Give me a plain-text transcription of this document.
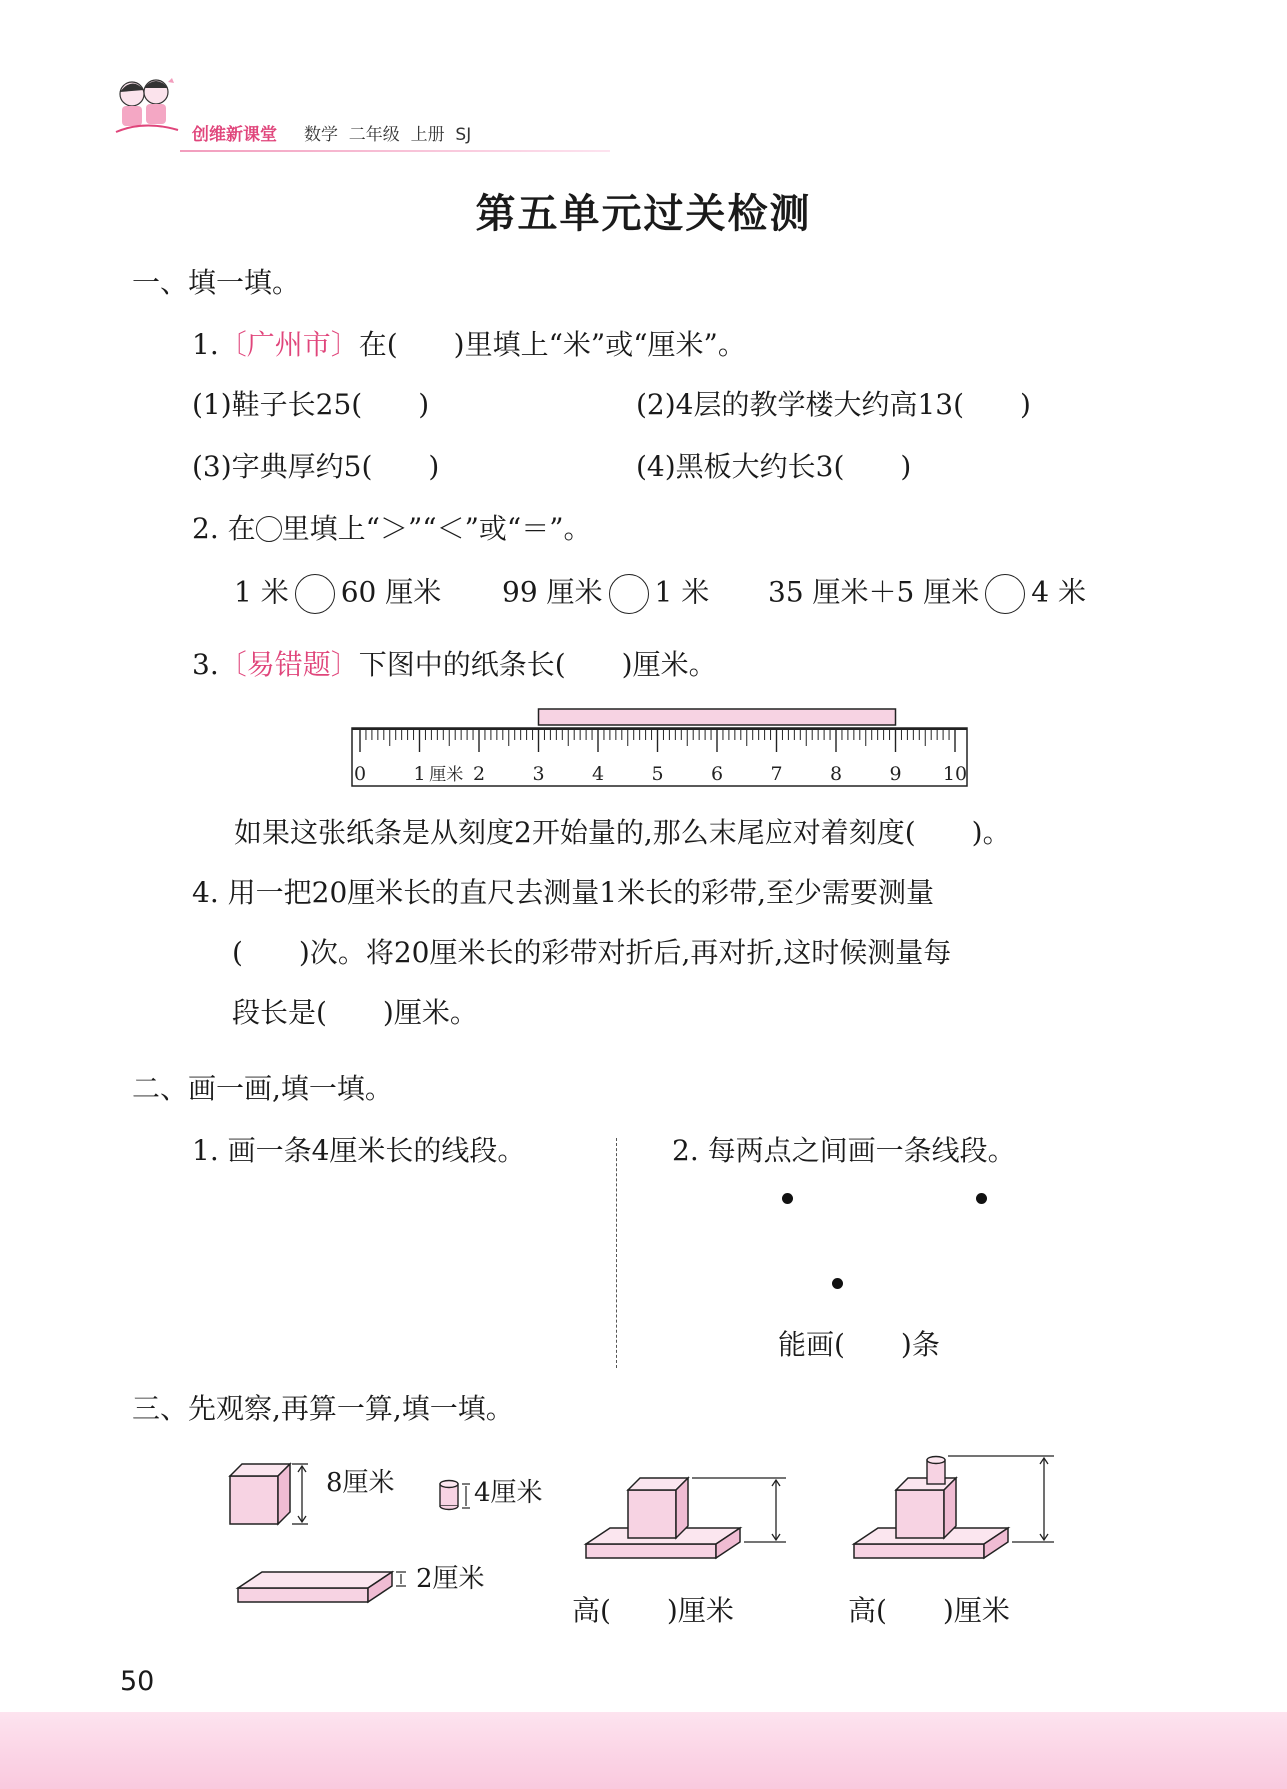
创维新课堂 数学  二年级  上册  SJ
第五单元过关检测
一、填一填。
1.〔广州市〕在(　　)里填上“米”或“厘米”。
(1)鞋子长25(　　)	(2)4层的教学楼大约高13(　　)
(3)字典厚约5(　　)	(4)黑板大约长3(　　)
2. 在 里填上“＞”“＜”或“＝”。
1 米 60 厘米 99 厘米 1 米 35 厘米＋5 厘米 4 米
3.〔易错题〕下图中的纸条长(　　)厘米。
0 1 厘米 2 3 4 5 6 7 8 9 10
如果这张纸条是从刻度2开始量的,那么末尾应对着刻度(　　)。
4. 用一把20厘米长的直尺去测量1米长的彩带,至少需要测量
(　　)次。将20厘米长的彩带对折后,再对折,这时候测量每
段长是(　　)厘米。
二、画一画,填一填。
1. 画一条4厘米长的线段。	2. 每两点之间画一条线段。
能画(　　)条
三、先观察,再算一算,填一填。
8厘米	4厘米
2厘米
高(　　)厘米	高(　　)厘米
50
